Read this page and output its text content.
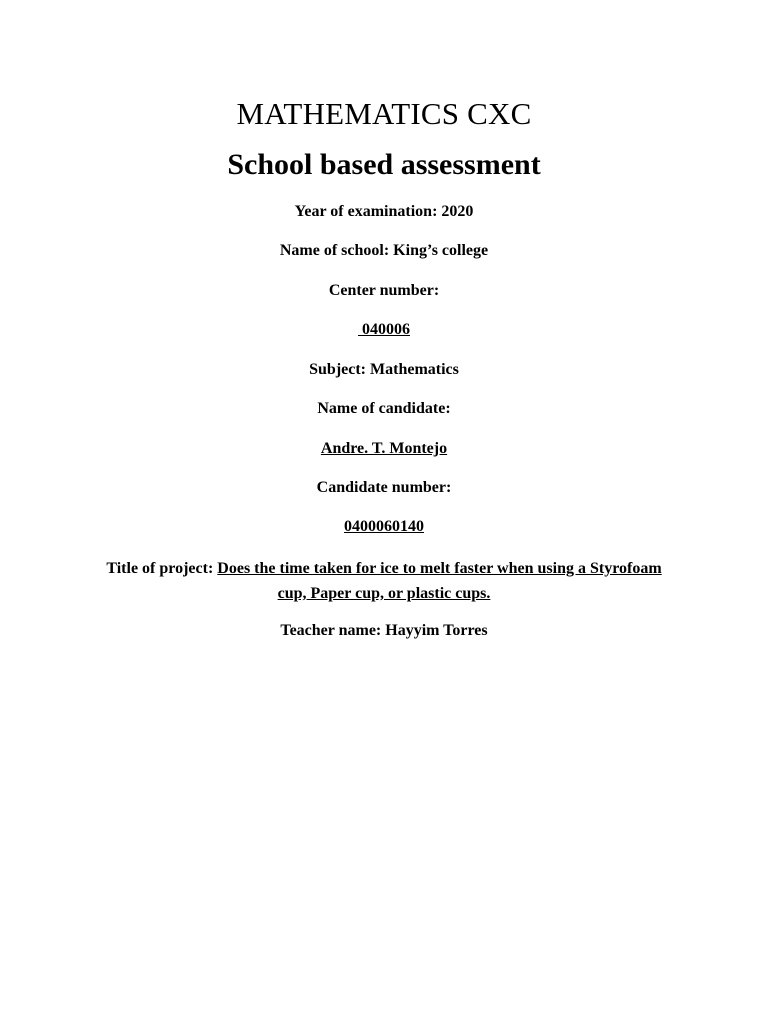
MATHEMATICS CXC
School based assessment
Year of examination: 2020
Name of school: King’s college
Center number:
040006
Subject: Mathematics
Name of candidate:
Andre. T. Montejo
Candidate number:
0400060140
Title of project: Does the time taken for ice to melt faster when using a Styrofoam cup, Paper cup, or plastic cups.
Teacher name: Hayyim Torres
